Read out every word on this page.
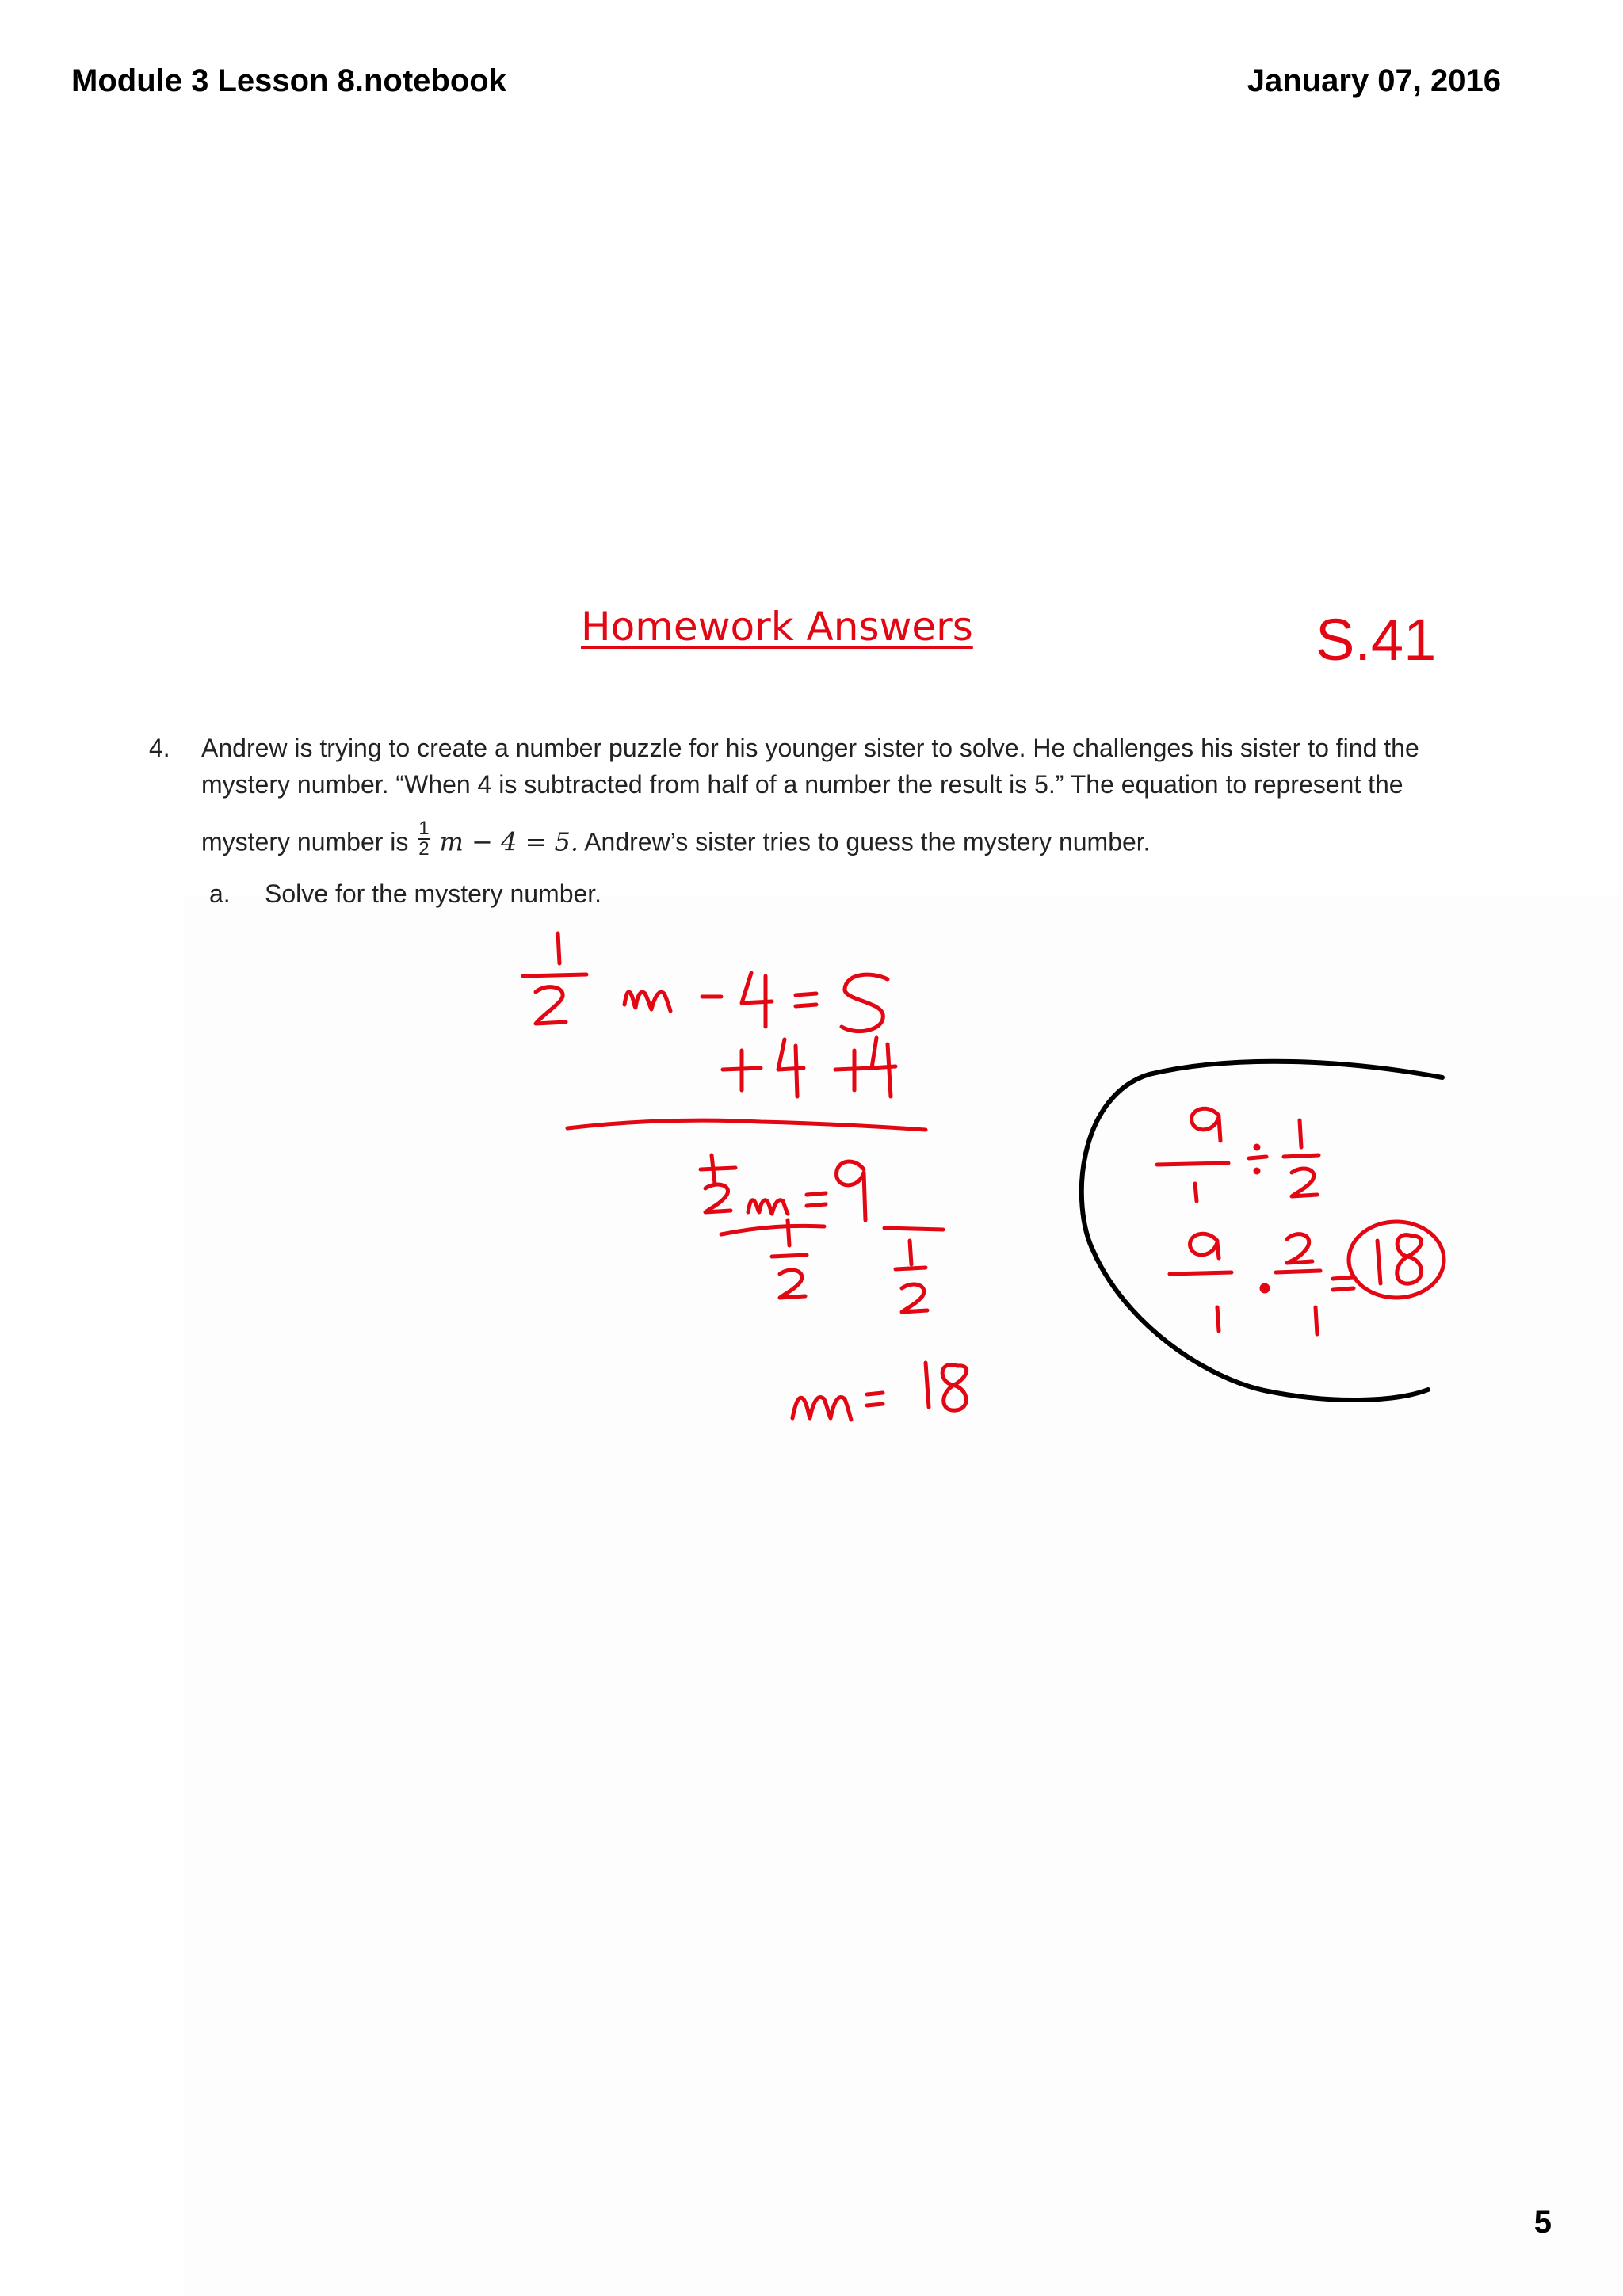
Module 3 Lesson 8.notebook	January 07, 2016
Homework Answers	S.41
4. Andrew is trying to create a number puzzle for his younger sister to solve. He challenges his sister to find the
mystery number. “When 4 is subtracted from half of a number the result is 5.” The equation to represent the
mystery number is $\frac{1}{2}$ m − 4 = 5. Andrew’s sister tries to guess the mystery number.
a. Solve for the mystery number.
5
